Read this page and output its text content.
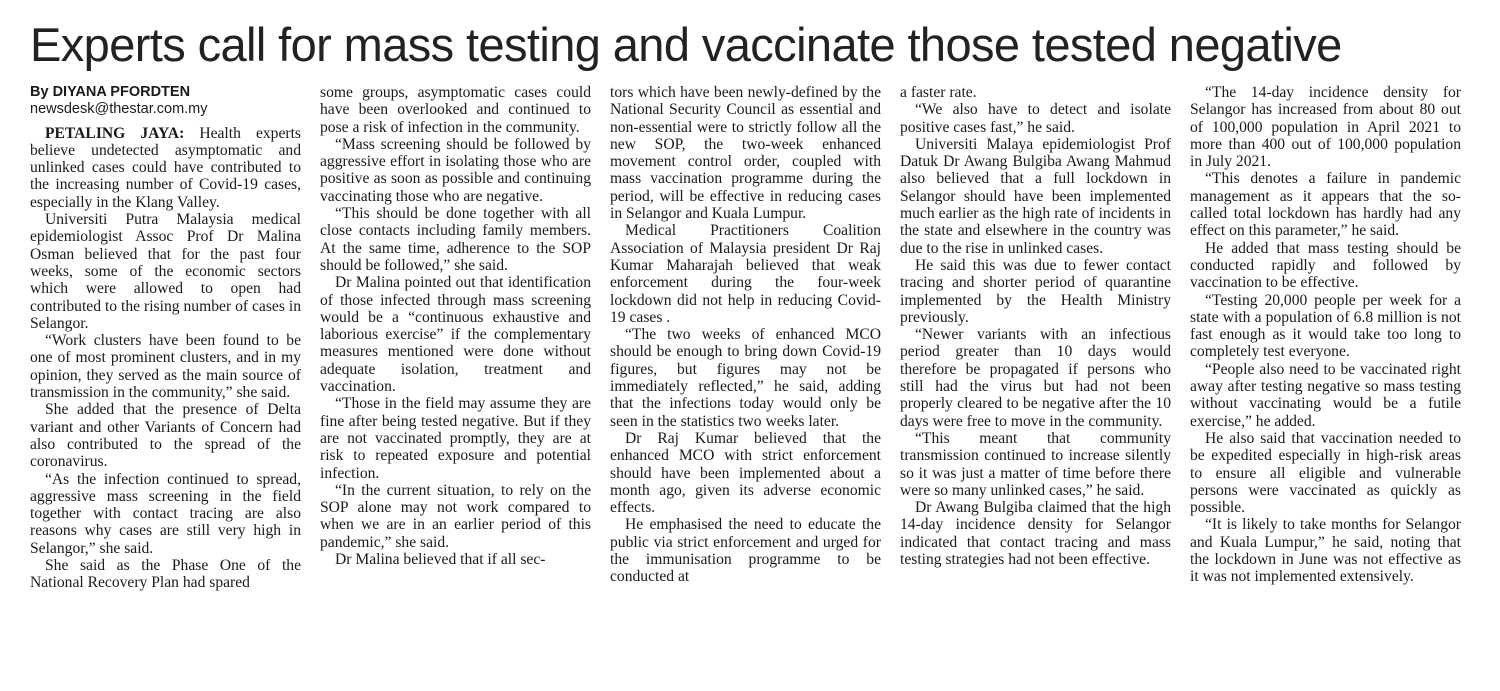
Experts call for mass testing and vaccinate those tested negative

By DIYANA PFORDTEN

newsdesk@thestar.com.my

PETALING JAYA: Health experts believe undetected asymptomatic and unlinked cases could have contributed to the increasing number of Covid-19 cases, especially in the Klang Valley.

Universiti Putra Malaysia medical epidemiologist Assoc Prof Dr Malina Osman believed that for the past four weeks, some of the economic sectors which were allowed to open had contributed to the rising number of cases in Selangor.

“Work clusters have been found to be one of most prominent clusters, and in my opinion, they served as the main source of transmission in the community,” she said.

She added that the presence of Delta variant and other Variants of Concern had also contributed to the spread of the coronavirus.

“As the infection continued to spread, aggressive mass screening in the field together with contact tracing are also reasons why cases are still very high in Selangor,” she said.

She said as the Phase One of the National Recovery Plan had spared

some groups, asymptomatic cases could have been overlooked and continued to pose a risk of infection in the community.

“Mass screening should be followed by aggressive effort in isolating those who are positive as soon as possible and continuing vaccinating those who are negative.

“This should be done together with all close contacts including family members. At the same time, adherence to the SOP should be followed,” she said.

Dr Malina pointed out that identification of those infected through mass screening would be a “continuous exhaustive and laborious exercise” if the complementary measures mentioned were done without adequate isolation, treatment and vaccination.

“Those in the field may assume they are fine after being tested negative. But if they are not vaccinated promptly, they are at risk to repeated exposure and potential infection.

“In the current situation, to rely on the SOP alone may not work compared to when we are in an earlier period of this pandemic,” she said.

Dr Malina believed that if all sec-

tors which have been newly-defined by the National Security Council as essential and non-essential were to strictly follow all the new SOP, the two-week enhanced movement control order, coupled with mass vaccination programme during the period, will be effective in reducing cases in Selangor and Kuala Lumpur.

Medical Practitioners Coalition Association of Malaysia president Dr Raj Kumar Maharajah believed that weak enforcement during the four-week lockdown did not help in reducing Covid-19 cases .

“The two weeks of enhanced MCO should be enough to bring down Covid-19 figures, but figures may not be immediately reflected,” he said, adding that the infections today would only be seen in the statistics two weeks later.

Dr Raj Kumar believed that the enhanced MCO with strict enforcement should have been implemented about a month ago, given its adverse economic effects.

He emphasised the need to educate the public via strict enforcement and urged for the immunisation programme to be conducted at

a faster rate.

“We also have to detect and isolate positive cases fast,” he said.

Universiti Malaya epidemiologist Prof Datuk Dr Awang Bulgiba Awang Mahmud also believed that a full lockdown in Selangor should have been implemented much earlier as the high rate of incidents in the state and elsewhere in the country was due to the rise in unlinked cases.

He said this was due to fewer contact tracing and shorter period of quarantine implemented by the Health Ministry previously.

“Newer variants with an infectious period greater than 10 days would therefore be propagated if persons who still had the virus but had not been properly cleared to be negative after the 10 days were free to move in the community.

“This meant that community transmission continued to increase silently so it was just a matter of time before there were so many unlinked cases,” he said.

Dr Awang Bulgiba claimed that the high 14-day incidence density for Selangor indicated that contact tracing and mass testing strategies had not been effective.

“The 14-day incidence density for Selangor has increased from about 80 out of 100,000 population in April 2021 to more than 400 out of 100,000 population in July 2021.

“This denotes a failure in pandemic management as it appears that the so-called total lockdown has hardly had any effect on this parameter,” he said.

He added that mass testing should be conducted rapidly and followed by vaccination to be effective.

“Testing 20,000 people per week for a state with a population of 6.8 million is not fast enough as it would take too long to completely test everyone.

“People also need to be vaccinated right away after testing negative so mass testing without vaccinating would be a futile exercise,” he added.

He also said that vaccination needed to be expedited especially in high-risk areas to ensure all eligible and vulnerable persons were vaccinated as quickly as possible.

“It is likely to take months for Selangor and Kuala Lumpur,” he said, noting that the lockdown in June was not effective as it was not implemented extensively.
